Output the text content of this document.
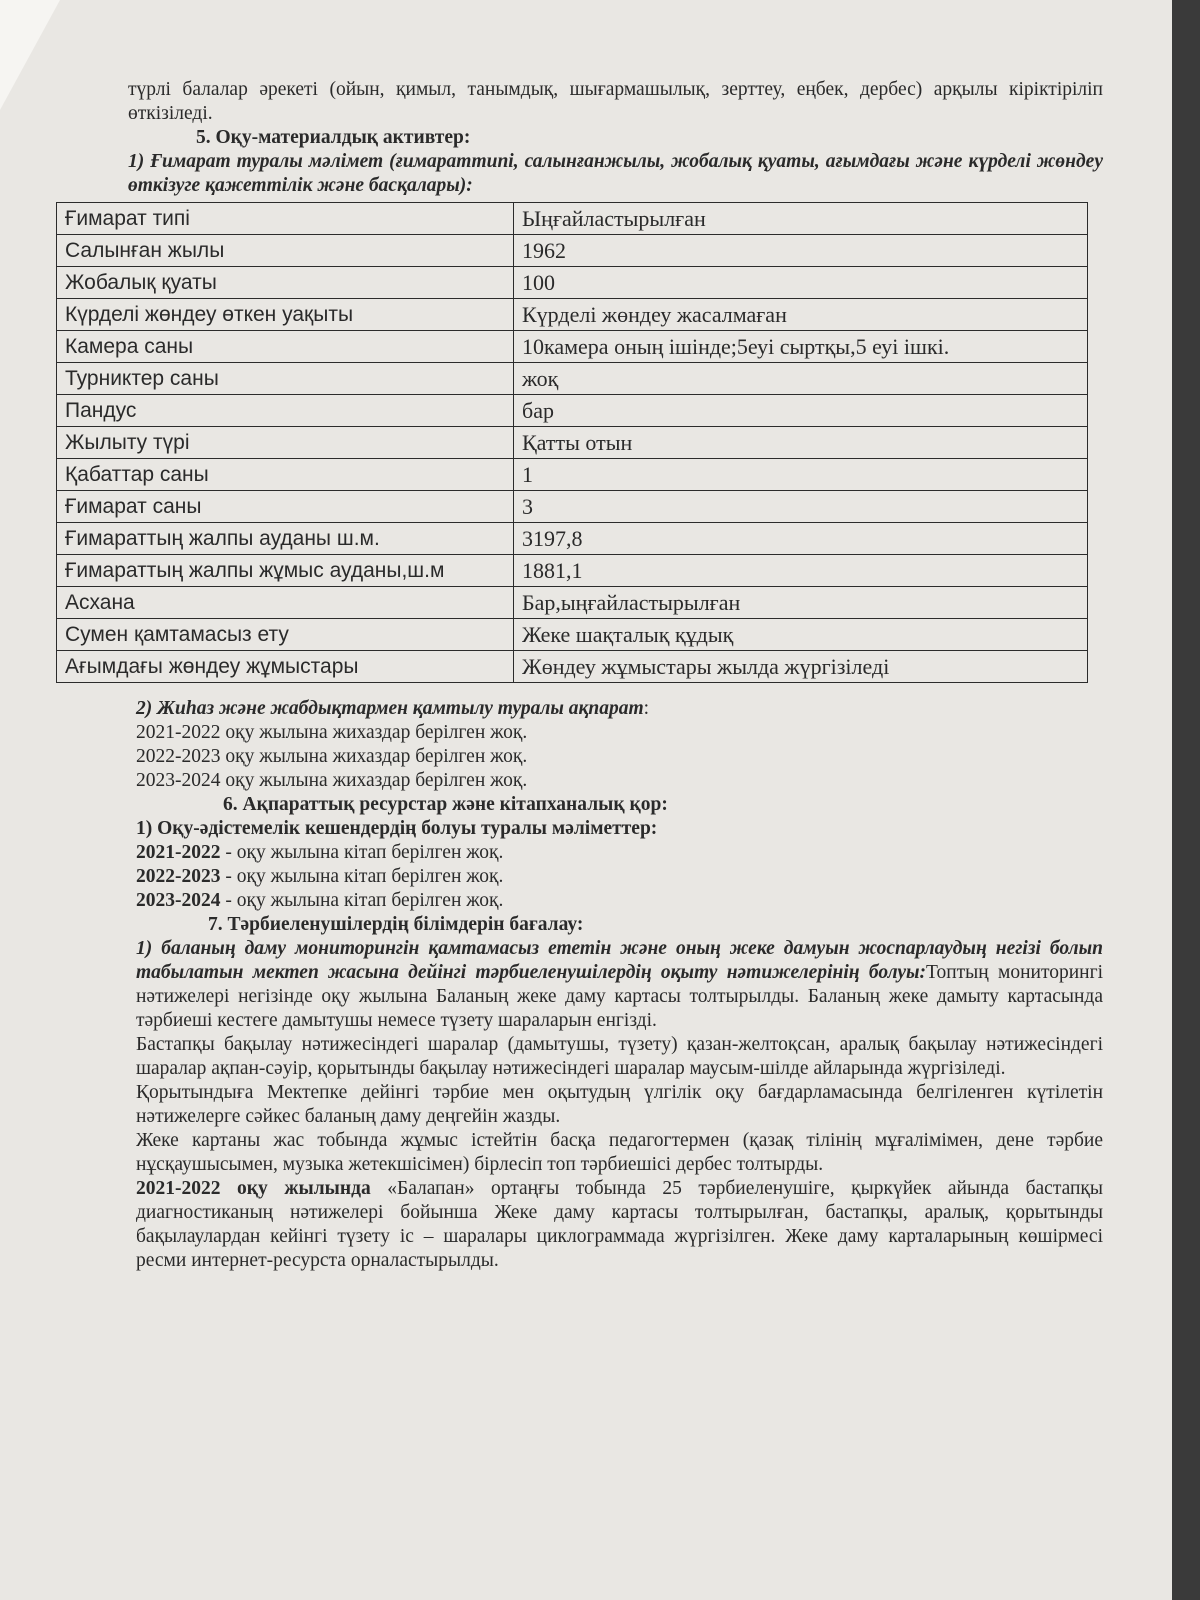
түрлі балалар әрекеті (ойын, қимыл, танымдық, шығармашылық, зерттеу, еңбек, дербес) арқылы кіріктіріліп өткізіледі.

5. Оқу-материалдық активтер:

1) Ғимарат туралы мәлімет (ғимараттипі, салынғанжылы, жобалық қуаты, ағымдағы және күрделі жөндеу өткізуге қажеттілік және басқалары):

Ғимарат типі	Ыңғайластырылған
Салынған жылы	1962
Жобалық қуаты	100
Күрделі жөндеу өткен уақыты	Күрделі жөндеу жасалмаған
Камера саны	10камера оның ішінде;5еуі сыртқы,5 еуі ішкі.
Турниктер саны	жоқ
Пандус	бар
Жылыту түрі	Қатты отын
Қабаттар саны	1
Ғимарат саны	3
Ғимараттың жалпы ауданы ш.м.	3197,8
Ғимараттың жалпы жұмыс ауданы,ш.м	1881,1
Асхана	Бар,ыңғайластырылған
Сумен қамтамасыз ету	Жеке шақталық құдық
Ағымдағы жөндеу жұмыстары	Жөндеу жұмыстары жылда жүргізіледі

2) Жиhаз және жабдықтармен қамтылу туралы ақпарат:

2021-2022 оқу жылына жихаздар берілген жоқ.

2022-2023 оқу жылына жихаздар берілген жоқ.

2023-2024 оқу жылына жихаздар берілген жоқ.

6. Ақпараттық ресурстар және кітапханалық қор:

1) Оқу-әдістемелік кешендердің болуы туралы мәліметтер:

2021-2022 - оқу жылына кітап берілген жоқ.

2022-2023 - оқу жылына кітап берілген жоқ.

2023-2024 - оқу жылына кітап берілген жоқ.

7. Тәрбиеленушілердің білімдерін бағалау:

1) баланың даму мониторингін қамтамасыз ететін және оның жеке дамуын жоспарлаудың негізі болып табылатын мектеп жасына дейінгі тәрбиеленушілердің оқыту нәтижелерінің болуы:Топтың мониторингі нәтижелері негізінде оқу жылына Баланың жеке даму картасы толтырылды. Баланың жеке дамыту картасында тәрбиеші кестеге дамытушы немесе түзету шараларын енгізді.

Бастапқы бақылау нәтижесіндегі шаралар (дамытушы, түзету) қазан-желтоқсан, аралық бақылау нәтижесіндегі шаралар ақпан-сәуір, қорытынды бақылау нәтижесіндегі шаралар маусым-шілде айларында жүргізіледі.

Қорытындыға Мектепке дейінгі тәрбие мен оқытудың үлгілік оқу бағдарламасында белгіленген күтілетін нәтижелерге сәйкес баланың даму деңгейін жазды.

Жеке картаны жас тобында жұмыс істейтін басқа педагогтермен (қазақ тілінің мұғалімімен, дене тәрбие нұсқаушысымен, музыка жетекшісімен) бірлесіп топ тәрбиешісі дербес толтырды.

2021-2022 оқу жылында «Балапан» ортаңғы тобында 25 тәрбиеленушіге, қыркүйек айында бастапқы диагностиканың нәтижелері бойынша Жеке даму картасы толтырылған, бастапқы, аралық, қорытынды бақылаулардан кейінгі түзету іс – шаралары циклограммада жүргізілген. Жеке даму карталарының көшірмесі ресми интернет-ресурста орналастырылды.
